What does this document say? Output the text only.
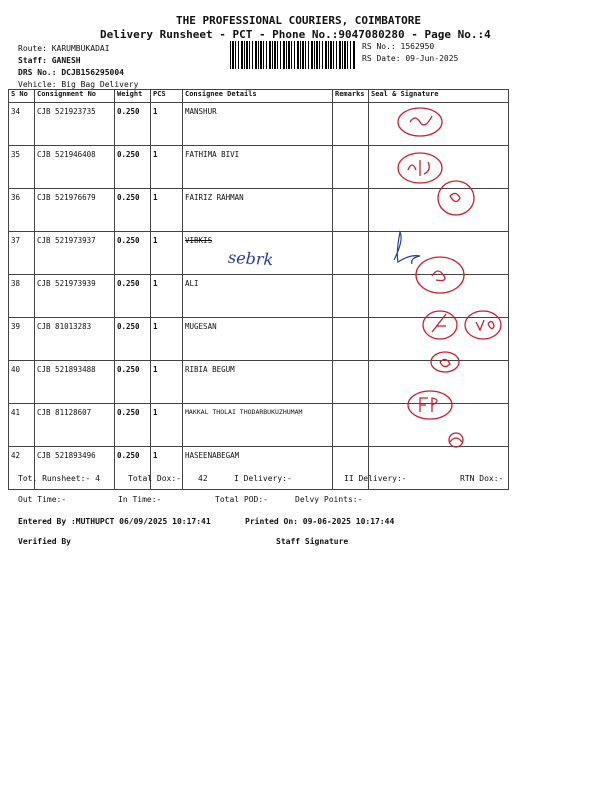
THE PROFESSIONAL COURIERS, COIMBATORE
Delivery Runsheet - PCT - Phone No.:9047080280 - Page No.:4
Route: KARUMBUKADAI
Staff: GANESH
DRS No.: DCJB156295004
Vehicle: Big Bag Delivery
RS No.: 1562950
RS Date: 09-Jun-2025
S No	Consignment No	Weight	PCS	Consignee Details	Remarks	Seal & Signature
34	CJB 521923735	0.250	1	MANSHUR		
35	CJB 521946408	0.250	1	FATHIMA BIVI		
36	CJB 521976679	0.250	1	FAIRIZ RAHMAN		
37	CJB 521973937	0.250	1	VIBKIS		
38	CJB 521973939	0.250	1	ALI		
39	CJB 81013283	0.250	1	MUGESAN		
40	CJB 521893488	0.250	1	RIBIA BEGUM		
41	CJB 81128607	0.250	1	MAKKAL THOLAI THODARBUKUZHUMAM		
42	CJB 521893496	0.250	1	HASEENABEGAM		
sebrk
Tot. Runsheet:- 4	Total Dox:- 42	I Delivery:-	II Delivery:-	RTN Dox:-
Out Time:-	In Time:-	Total POD:-	Delvy Points:-
Entered By :MUTHUPCT 06/09/2025 10:17:41	Printed On: 09-06-2025 10:17:44
Verified By	Staff Signature
